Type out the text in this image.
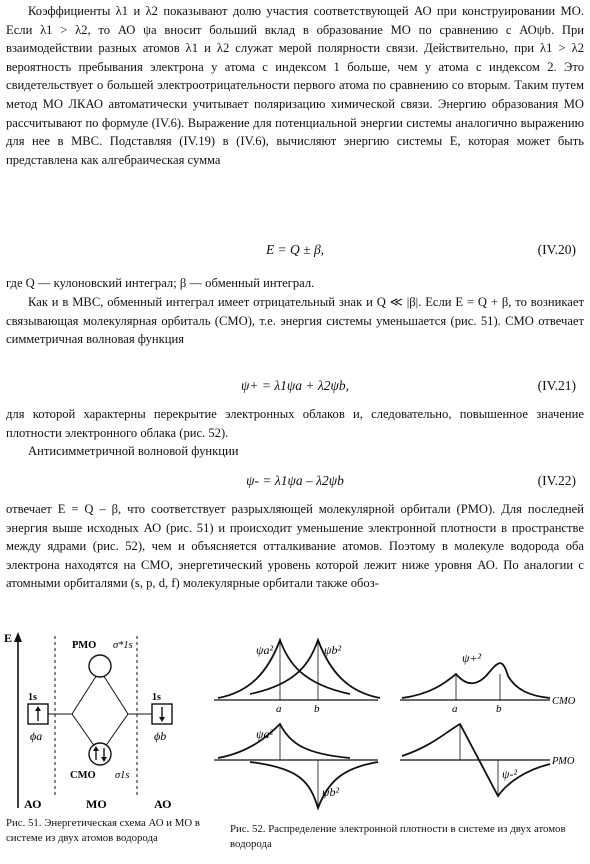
Коэффициенты λ1 и λ2 показывают долю участия соответствующей АО при конструировании МО. Если λ1 > λ2, то АО ψa вносит больший вклад в образование МО по сравнению с АОψb. При взаимодействии разных атомов λ1 и λ2 служат мерой полярности связи. Действительно, при λ1 > λ2 вероятность пребывания электрона у атома с индексом 1 больше, чем у атома с индексом 2. Это свидетельствует о большей электроотрицательности первого атома по сравнению со вторым. Таким путем метод МО ЛКАО автоматически учитывает поляризацию химической связи. Энергию образования МО рассчитывают по формуле (IV.6). Выражение для потенциальной энергии системы аналогично выражению для нее в МВС. Подставляя (IV.19) в (IV.6), вычисляют энергию системы E, которая может быть представлена как алгебраическая сумма

E = Q ± β,	(IV.20)

где Q — кулоновский интеграл; β — обменный интеграл.

Как и в МВС, обменный интеграл имеет отрицательный знак и Q ≪ |β|. Если E = Q + β, то возникает связывающая молекулярная орбиталь (СМО), т.е. энергия системы уменьшается (рис. 51). СМО отвечает симметричная волновая функция

ψ+ = λ1ψa + λ2ψb,	(IV.21)

для которой характерны перекрытие электронных облаков и, следовательно, повышенное значение плотности электронного облака (рис. 52).

Антисимметричной волновой функции

ψ- = λ1ψa – λ2ψb	(IV.22)

отвечает E = Q – β, что соответствует разрыхляющей молекулярной орбитали (РМО). Для последней энергия выше исходных АО (рис. 51) и происходит уменьшение электронной плотности в пространстве между ядрами (рис. 52), чем и объясняется отталкивание атомов. Поэтому в молекуле водорода оба электрона находятся на СМО, энергетический уровень которой лежит ниже уровня АО. По аналогии с атомными орбиталями (s, p, d, f) молекулярные орбитали также обоз-

E
1s
ϕa
1s
ϕb
РМО σ*1s
СМО σ1s
АО	МО	АО
Рис. 51. Энергетическая схема АО и МО в системе из двух атомов водорода
ψa²	ψb²
a	b
ψ+²
a	b
СМО
ψa²
ψb²
ψ-²
РМО
Рис. 52. Распределение электронной плотности в системе из двух атомов водорода
